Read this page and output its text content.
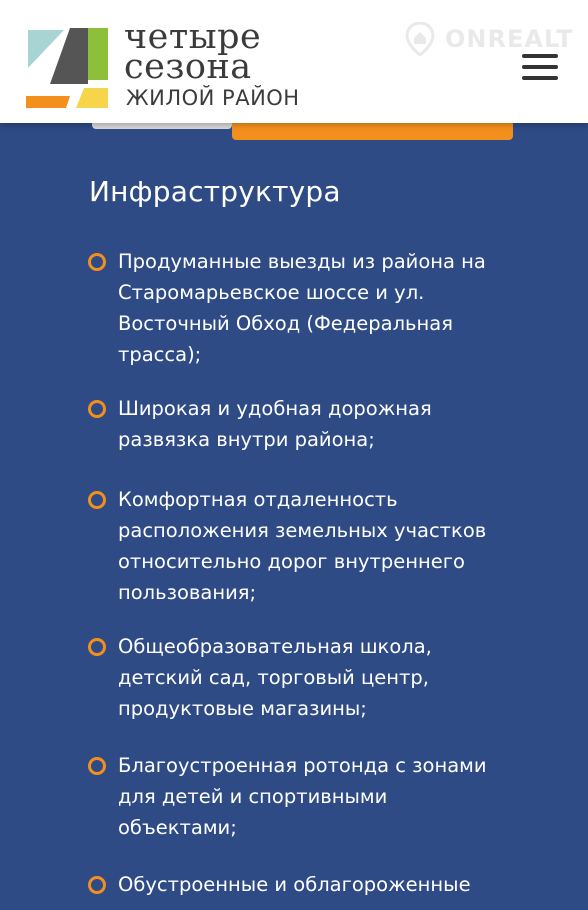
четыре
сезона
ЖИЛОЙ РАЙОН
ONREALT
Инфраструктура
Продуманные выезды из района на Старомарьевское шоссе и ул. Восточный Обход (Федеральная трасса);
Широкая и удобная дорожная развязка внутри района;
Комфортная отдаленность расположения земельных участков относительно дорог внутреннего пользования;
Общеобразовательная школа, детский сад, торговый центр, продуктовые магазины;
Благоустроенная ротонда с зонами для детей и спортивными объектами;
Обустроенные и облагороженные
